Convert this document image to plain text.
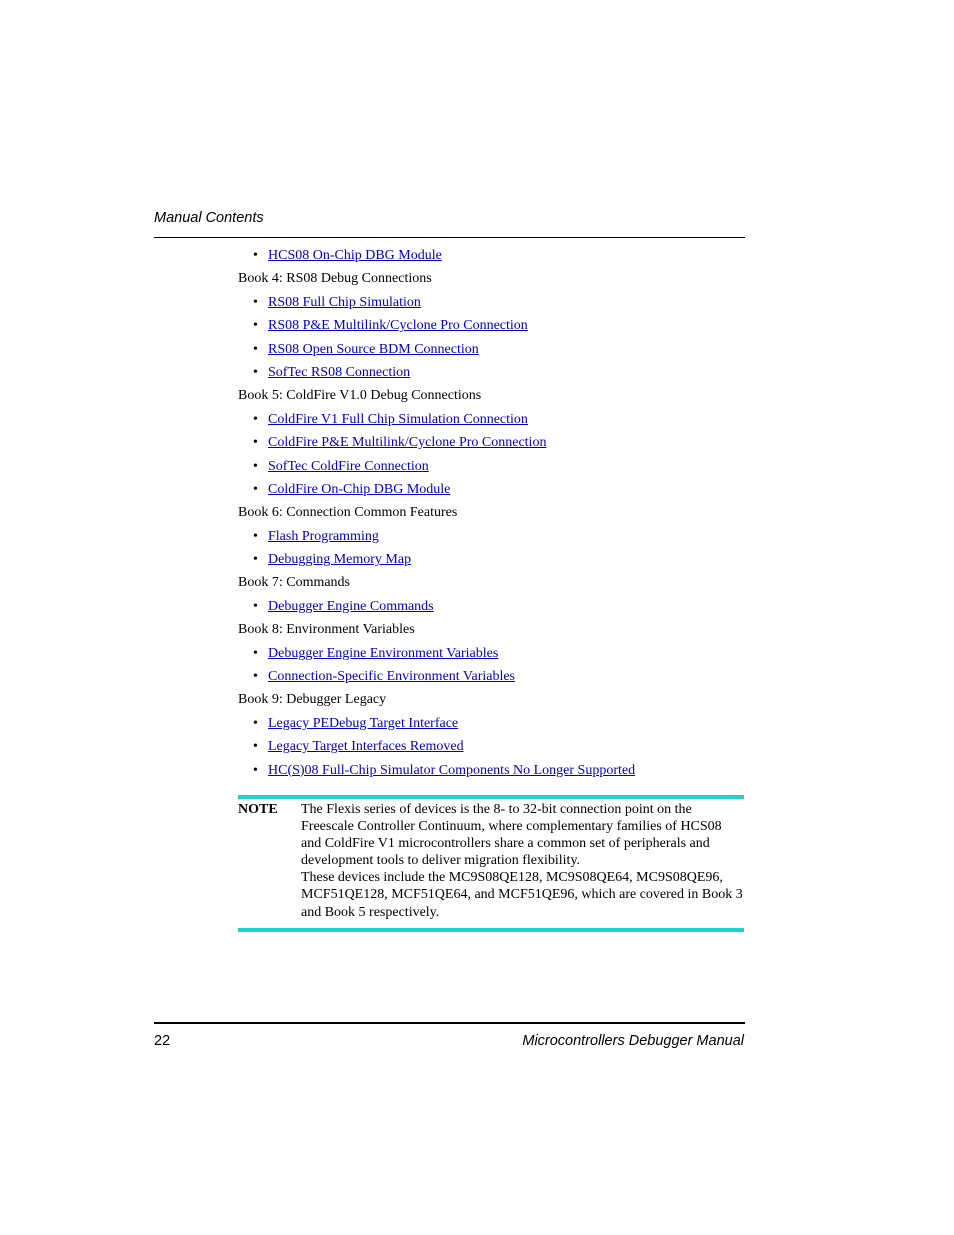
Manual Contents
• HCS08 On-Chip DBG Module
Book 4: RS08 Debug Connections
• RS08 Full Chip Simulation
• RS08 P&E Multilink/Cyclone Pro Connection
• RS08 Open Source BDM Connection
• SofTec RS08 Connection
Book 5: ColdFire V1.0 Debug Connections
• ColdFire V1 Full Chip Simulation Connection
• ColdFire P&E Multilink/Cyclone Pro Connection
• SofTec ColdFire Connection
• ColdFire On-Chip DBG Module
Book 6: Connection Common Features
• Flash Programming
• Debugging Memory Map
Book 7: Commands
• Debugger Engine Commands
Book 8: Environment Variables
• Debugger Engine Environment Variables
• Connection-Specific Environment Variables
Book 9: Debugger Legacy
• Legacy PEDebug Target Interface
• Legacy Target Interfaces Removed
• HC(S)08 Full-Chip Simulator Components No Longer Supported
NOTE The Flexis series of devices is the 8- to 32-bit connection point on the Freescale Controller Continuum, where complementary families of HCS08 and ColdFire V1 microcontrollers share a common set of peripherals and development tools to deliver migration flexibility.

These devices include the MC9S08QE128, MC9S08QE64, MC9S08QE96, MCF51QE128, MCF51QE64, and MCF51QE96, which are covered in Book 3 and Book 5 respectively.

22	Microcontrollers Debugger Manual
